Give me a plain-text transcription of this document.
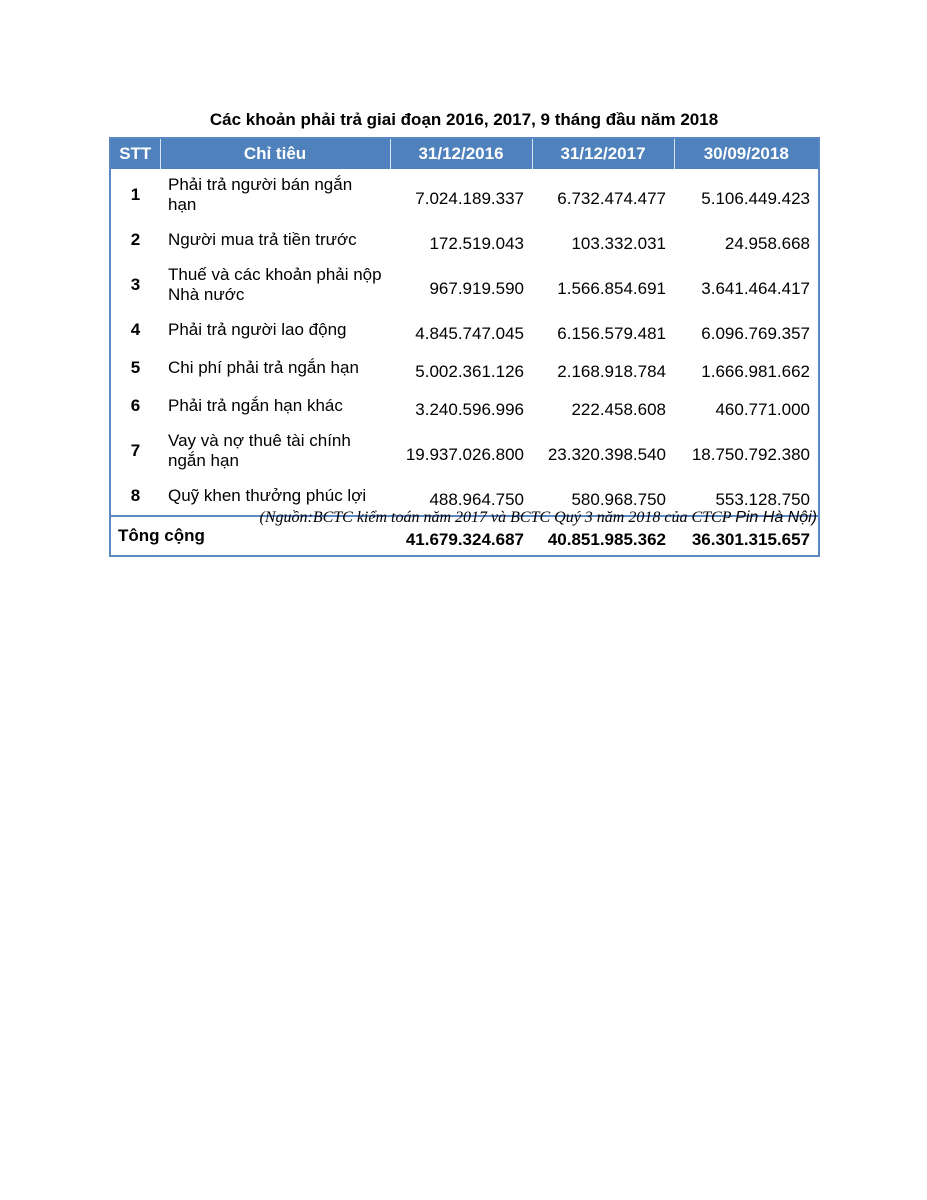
Các khoản phải trả giai đoạn 2016, 2017, 9 tháng đầu năm 2018
STT	Chỉ tiêu	31/12/2016	31/12/2017	30/09/2018
1	Phải trả người bán ngắn hạn	7.024.189.337	6.732.474.477	5.106.449.423
2	Người mua trả tiền trước	172.519.043	103.332.031	24.958.668
3	Thuế và các khoản phải nộp Nhà nước	967.919.590	1.566.854.691	3.641.464.417
4	Phải trả người lao động	4.845.747.045	6.156.579.481	6.096.769.357
5	Chi phí phải trả ngắn hạn	5.002.361.126	2.168.918.784	1.666.981.662
6	Phải trả ngắn hạn khác	3.240.596.996	222.458.608	460.771.000
7	Vay và nợ thuê tài chính ngắn hạn	19.937.026.800	23.320.398.540	18.750.792.380
8	Quỹ khen thưởng phúc lợi	488.964.750	580.968.750	553.128.750
Tông cộng		41.679.324.687	40.851.985.362	36.301.315.657
(Nguồn:BCTC kiểm toán năm 2017 và BCTC Quý 3 năm 2018 của CTCP Pin Hà Nội)
